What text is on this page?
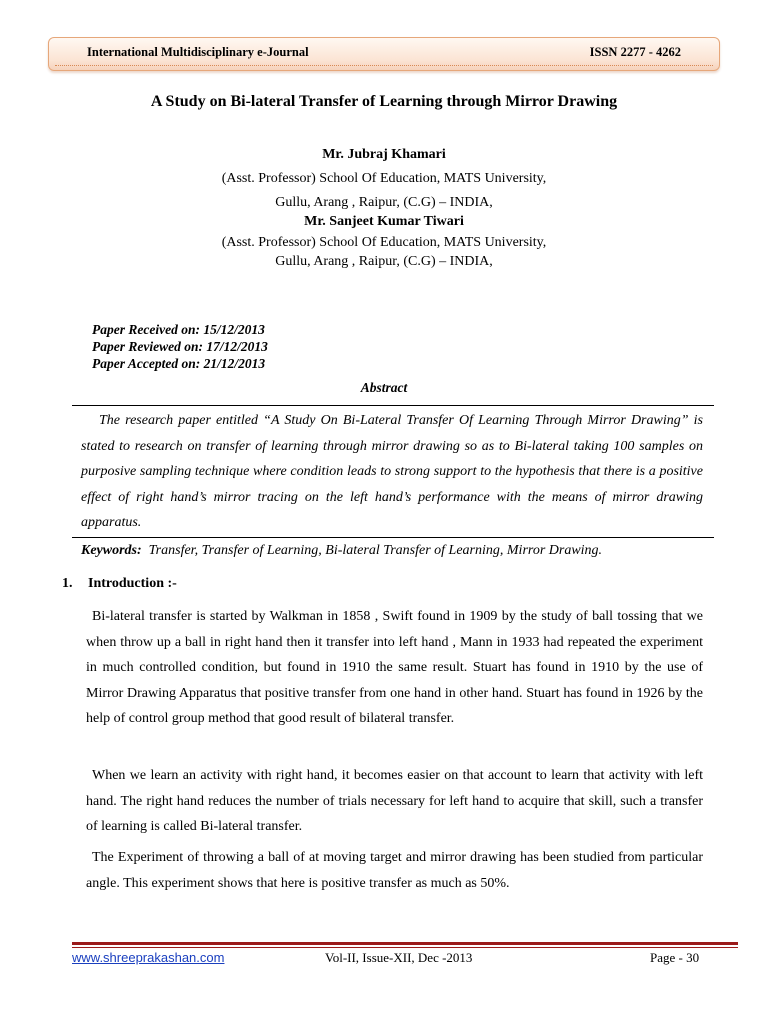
International Multidisciplinary e-Journal	ISSN 2277 - 4262
A Study on Bi-lateral Transfer of Learning through Mirror Drawing
Mr. Jubraj Khamari
(Asst. Professor) School Of Education, MATS University,
Gullu, Arang , Raipur, (C.G) – INDIA,
Mr. Sanjeet Kumar Tiwari
(Asst. Professor) School Of Education, MATS University,
Gullu, Arang , Raipur, (C.G) – INDIA,
Paper Received on: 15/12/2013
Paper Reviewed on: 17/12/2013
Paper Accepted on: 21/12/2013
Abstract
The research paper entitled “A Study On Bi-Lateral Transfer Of Learning Through Mirror Drawing” is stated to research on transfer of learning through mirror drawing so as to Bi-lateral taking 100 samples on purposive sampling technique where condition leads to strong support to the hypothesis that there is a positive effect of right hand’s mirror tracing on the left hand’s performance with the means of mirror drawing apparatus.
Keywords: Transfer, Transfer of Learning, Bi-lateral Transfer of Learning, Mirror Drawing.
1. Introduction :-

Bi-lateral transfer is started by Walkman in 1858 , Swift found in 1909 by the study of ball tossing that we when throw up a ball in right hand then it transfer into left hand , Mann in 1933 had repeated the experiment in much controlled condition, but found in 1910 the same result. Stuart has found in 1910 by the use of Mirror Drawing Apparatus that positive transfer from one hand in other hand. Stuart has found in 1926 by the help of control group method that good result of bilateral transfer.

When we learn an activity with right hand, it becomes easier on that account to learn that activity with left hand. The right hand reduces the number of trials necessary for left hand to acquire that skill, such a transfer of learning is called Bi-lateral transfer.

The Experiment of throwing a ball of at moving target and mirror drawing has been studied from particular angle. This experiment shows that here is positive transfer as much as 50%.

www.shreeprakashan.com	Vol-II, Issue-XII, Dec -2013	Page - 30
